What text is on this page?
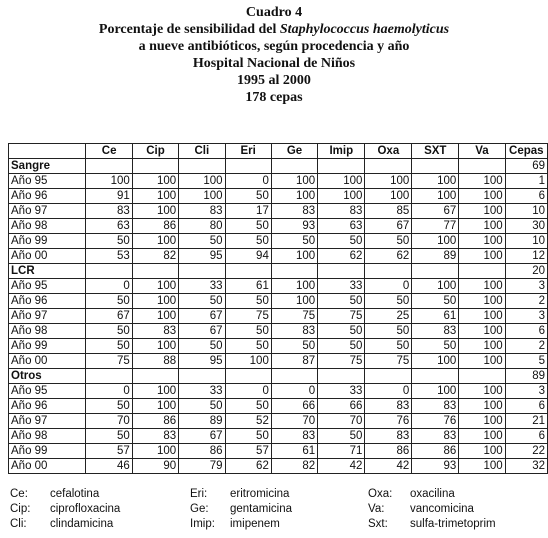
Cuadro 4
Porcentaje de sensibilidad del Staphylococcus haemolyticus
a nueve antibióticos, según procedencia y año
Hospital Nacional de Niños
1995 al 2000
178 cepas
	Ce	Cip	Cli	Eri	Ge	Imip	Oxa	SXT	Va	Cepas
Sangre										69
Año 95	100	100	100	0	100	100	100	100	100	1
Año 96	91	100	100	50	100	100	100	100	100	6
Año 97	83	100	83	17	83	83	85	67	100	10
Año 98	63	86	80	50	93	63	67	77	100	30
Año 99	50	100	50	50	50	50	50	100	100	10
Año 00	53	82	95	94	100	62	62	89	100	12
LCR										20
Año 95	0	100	33	61	100	33	0	100	100	3
Año 96	50	100	50	50	100	50	50	50	100	2
Año 97	67	100	67	75	75	75	25	61	100	3
Año 98	50	83	67	50	83	50	50	83	100	6
Año 99	50	100	50	50	50	50	50	50	100	2
Año 00	75	88	95	100	87	75	75	100	100	5
Otros										89
Año 95	0	100	33	0	0	33	0	100	100	3
Año 96	50	100	50	50	66	66	83	83	100	6
Año 97	70	86	89	52	70	70	76	76	100	21
Año 98	50	83	67	50	83	50	83	83	100	6
Año 99	57	100	86	57	61	71	86	86	100	22
Año 00	46	90	79	62	82	42	42	93	100	32
Ce: cefalotina	Eri: eritromicina	Oxa: oxacilina
Cip: ciprofloxacina	Ge: gentamicina	Va: vancomicina
Cli: clindamicina	Imip: imipenem	Sxt: sulfa-trimetoprim
